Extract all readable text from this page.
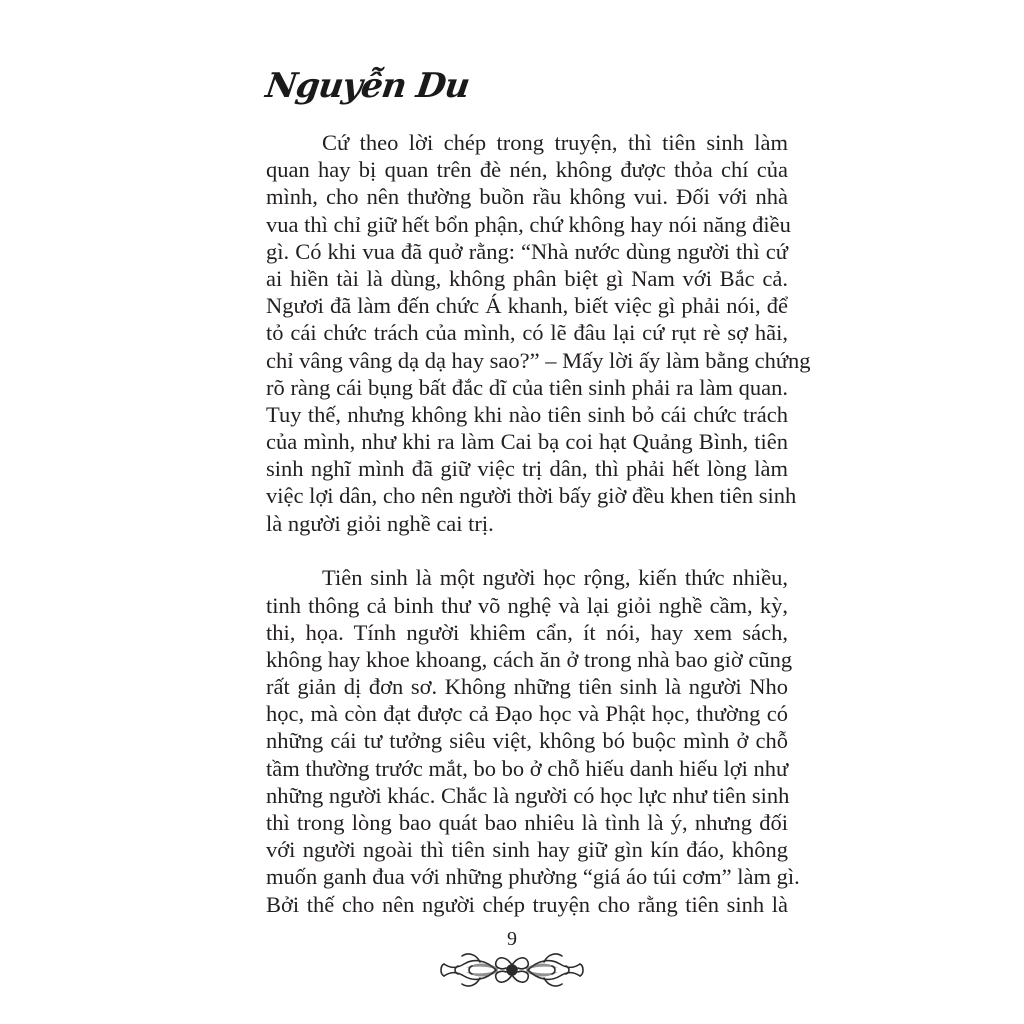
Nguyễn Du
Cứ theo lời chép trong truyện, thì tiên sinh làm
quan hay bị quan trên đè nén, không được thỏa chí của
mình, cho nên thường buồn rầu không vui. Đối với nhà
vua thì chỉ giữ hết bổn phận, chứ không hay nói năng điều
gì. Có khi vua đã quở rằng: “Nhà nước dùng người thì cứ
ai hiền tài là dùng, không phân biệt gì Nam với Bắc cả.
Ngươi đã làm đến chức Á khanh, biết việc gì phải nói, để
tỏ cái chức trách của mình, có lẽ đâu lại cứ rụt rè sợ hãi,
chỉ vâng vâng dạ dạ hay sao?” – Mấy lời ấy làm bằng chứng
rõ ràng cái bụng bất đắc dĩ của tiên sinh phải ra làm quan.
Tuy thế, nhưng không khi nào tiên sinh bỏ cái chức trách
của mình, như khi ra làm Cai bạ coi hạt Quảng Bình, tiên
sinh nghĩ mình đã giữ việc trị dân, thì phải hết lòng làm
việc lợi dân, cho nên người thời bấy giờ đều khen tiên sinh
là người giỏi nghề cai trị.
Tiên sinh là một người học rộng, kiến thức nhiều,
tinh thông cả binh thư võ nghệ và lại giỏi nghề cầm, kỳ,
thi, họa. Tính người khiêm cẩn, ít nói, hay xem sách,
không hay khoe khoang, cách ăn ở trong nhà bao giờ cũng
rất giản dị đơn sơ. Không những tiên sinh là người Nho
học, mà còn đạt được cả Đạo học và Phật học, thường có
những cái tư tưởng siêu việt, không bó buộc mình ở chỗ
tầm thường trước mắt, bo bo ở chỗ hiếu danh hiếu lợi như
những người khác. Chắc là người có học lực như tiên sinh
thì trong lòng bao quát bao nhiêu là tình là ý, nhưng đối
với người ngoài thì tiên sinh hay giữ gìn kín đáo, không
muốn ganh đua với những phường “giá áo túi cơm” làm gì.
Bởi thế cho nên người chép truyện cho rằng tiên sinh là
9
